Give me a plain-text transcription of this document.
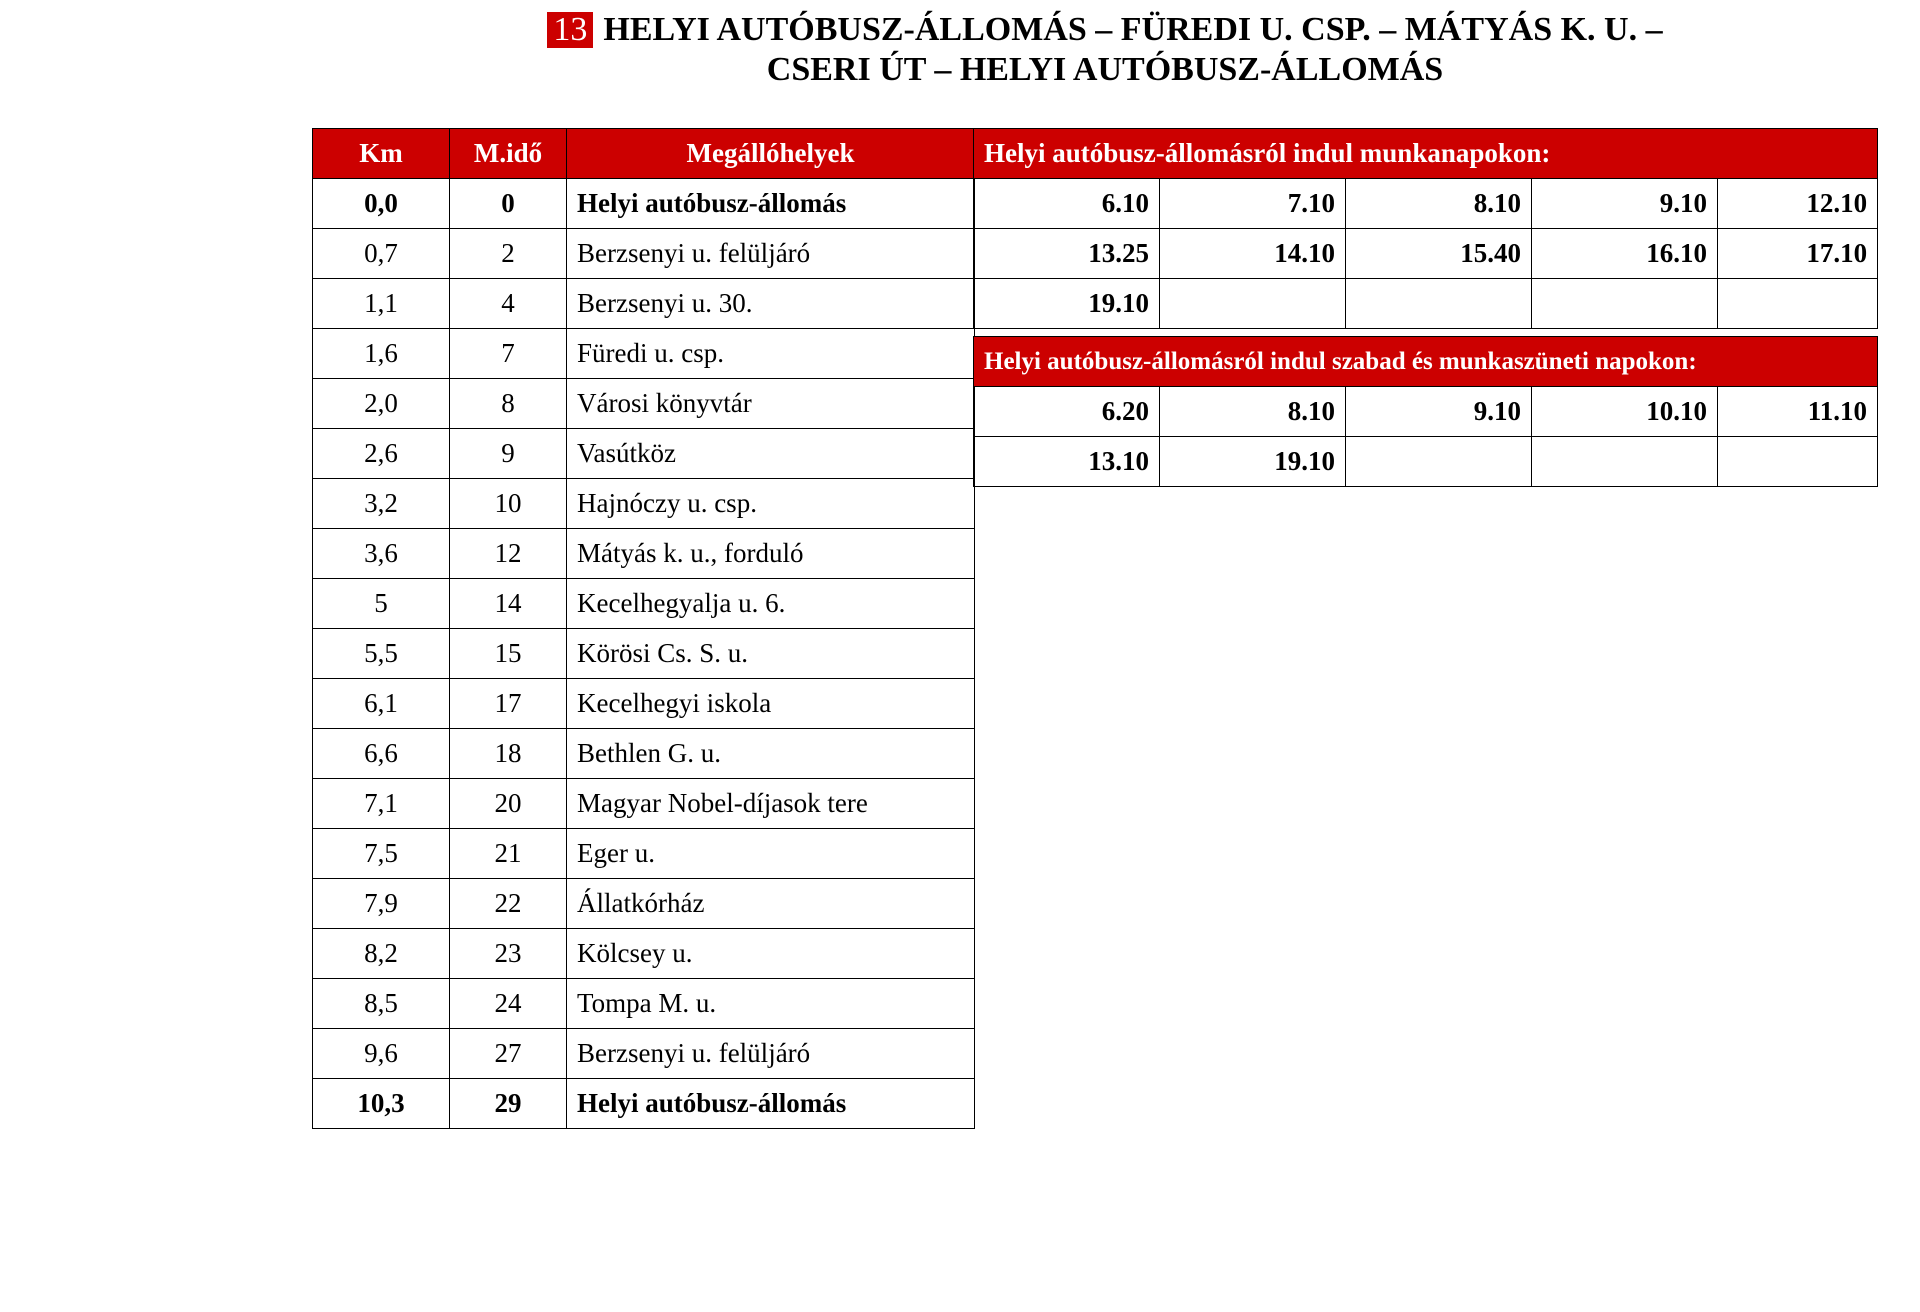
13 HELYI AUTÓBUSZ-ÁLLOMÁS – FÜREDI U. CSP. – MÁTYÁS K. U. –
CSERI ÚT – HELYI AUTÓBUSZ-ÁLLOMÁS
Km	M.idő	Megállóhelyek
0,0	0	Helyi autóbusz-állomás
0,7	2	Berzsenyi u. felüljáró
1,1	4	Berzsenyi u. 30.
1,6	7	Füredi u. csp.
2,0	8	Városi könyvtár
2,6	9	Vasútköz
3,2	10	Hajnóczy u. csp.
3,6	12	Mátyás k. u., forduló
5	14	Kecelhegyalja u. 6.
5,5	15	Körösi Cs. S. u.
6,1	17	Kecelhegyi iskola
6,6	18	Bethlen G. u.
7,1	20	Magyar Nobel-díjasok tere
7,5	21	Eger u.
7,9	22	Állatkórház
8,2	23	Kölcsey u.
8,5	24	Tompa M. u.
9,6	27	Berzsenyi u. felüljáró
10,3	29	Helyi autóbusz-állomás
Helyi autóbusz-állomásról indul munkanapokon:				
6.10	7.10	8.10	9.10	12.10
13.25	14.10	15.40	16.10	17.10
19.10				
Helyi autóbusz-állomásról indul szabad és munkaszüneti napokon:				
6.20	8.10	9.10	10.10	11.10
13.10	19.10			
